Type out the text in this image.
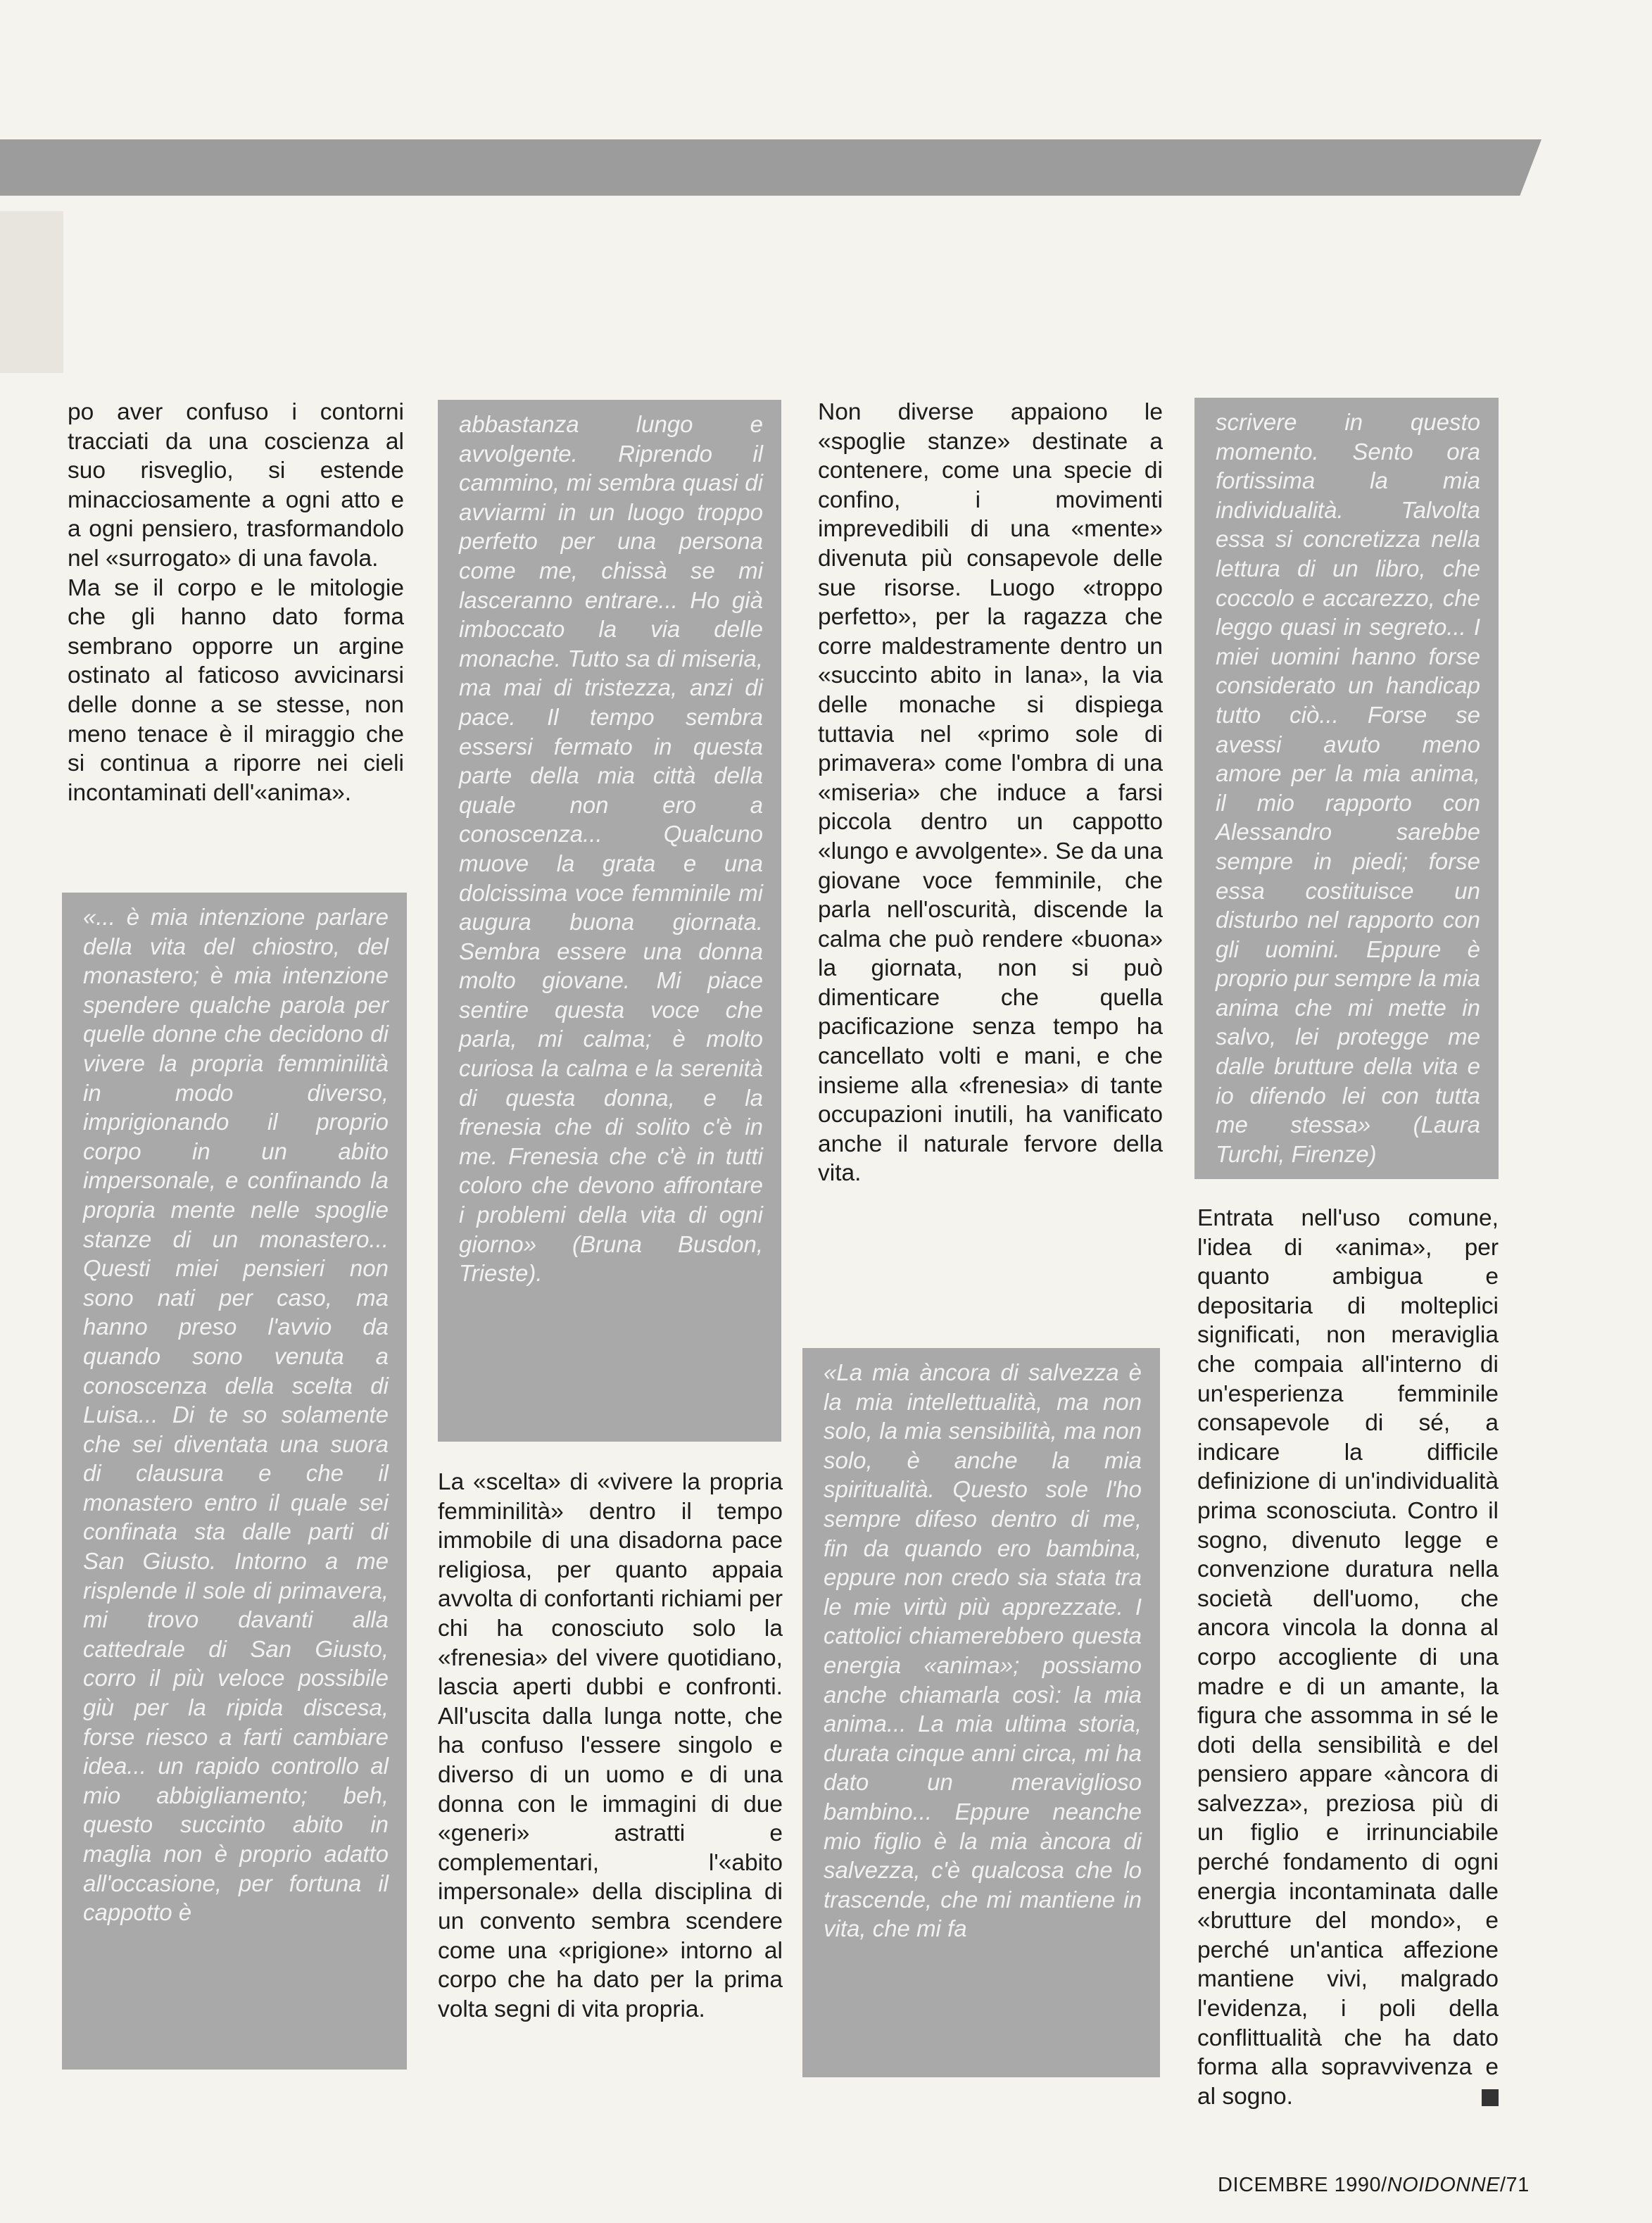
po aver confuso i contorni tracciati da una coscienza al suo risveglio, si estende minacciosamente a ogni atto e a ogni pensiero, trasformandolo nel «surrogato» di una favola.

Ma se il corpo e le mitologie che gli hanno dato forma sembrano opporre un argine ostinato al faticoso avvicinarsi delle donne a se stesse, non meno tenace è il miraggio che si continua a riporre nei cieli incontaminati dell'«anima».

«... è mia intenzione parlare della vita del chiostro, del monastero; è mia intenzione spendere qualche parola per quelle donne che decidono di vivere la propria femminilità in modo diverso, imprigionando il proprio corpo in un abito impersonale, e confinando la propria mente nelle spoglie stanze di un monastero... Questi miei pensieri non sono nati per caso, ma hanno preso l'avvio da quando sono venuta a conoscenza della scelta di Luisa... Di te so solamente che sei diventata una suora di clausura e che il monastero entro il quale sei confinata sta dalle parti di San Giusto. Intorno a me risplende il sole di primavera, mi trovo davanti alla cattedrale di San Giusto, corro il più veloce possibile giù per la ripida discesa, forse riesco a farti cambiare idea... un rapido controllo al mio abbigliamento; beh, questo succinto abito in maglia non è proprio adatto all'occasione, per fortuna il cappotto è
abbastanza lungo e avvolgente. Riprendo il cammino, mi sembra quasi di avviarmi in un luogo troppo perfetto per una persona come me, chissà se mi lasceranno entrare... Ho già imboccato la via delle monache. Tutto sa di miseria, ma mai di tristezza, anzi di pace. Il tempo sembra essersi fermato in questa parte della mia città della quale non ero a conoscenza... Qualcuno muove la grata e una dolcissima voce femminile mi augura buona giornata. Sembra essere una donna molto giovane. Mi piace sentire questa voce che parla, mi calma; è molto curiosa la calma e la serenità di questa donna, e la frenesia che di solito c'è in me. Frenesia che c'è in tutti coloro che devono affrontare i problemi della vita di ogni giorno» (Bruna Busdon, Trieste).

La «scelta» di «vivere la propria femminilità» dentro il tempo immobile di una disadorna pace religiosa, per quanto appaia avvolta di confortanti richiami per chi ha conosciuto solo la «frenesia» del vivere quotidiano, lascia aperti dubbi e confronti. All'uscita dalla lunga notte, che ha confuso l'essere singolo e diverso di un uomo e di una donna con le immagini di due «generi» astratti e complementari, l'«abito impersonale» della disciplina di un convento sembra scendere come una «prigione» intorno al corpo che ha dato per la prima volta segni di vita propria.

Non diverse appaiono le «spoglie stanze» destinate a contenere, come una specie di confino, i movimenti imprevedibili di una «mente» divenuta più consapevole delle sue risorse. Luogo «troppo perfetto», per la ragazza che corre maldestramente dentro un «succinto abito in lana», la via delle monache si dispiega tuttavia nel «primo sole di primavera» come l'ombra di una «miseria» che induce a farsi piccola dentro un cappotto «lungo e avvolgente». Se da una giovane voce femminile, che parla nell'oscurità, discende la calma che può rendere «buona» la giornata, non si può dimenticare che quella pacificazione senza tempo ha cancellato volti e mani, e che insieme alla «frenesia» di tante occupazioni inutili, ha vanificato anche il naturale fervore della vita.

«La mia àncora di salvezza è la mia intellettualità, ma non solo, la mia sensibilità, ma non solo, è anche la mia spiritualità. Questo sole l'ho sempre difeso dentro di me, fin da quando ero bambina, eppure non credo sia stata tra le mie virtù più apprezzate. I cattolici chiamerebbero questa energia «anima»; possiamo anche chiamarla così: la mia anima... La mia ultima storia, durata cinque anni circa, mi ha dato un meraviglioso bambino... Eppure neanche mio figlio è la mia àncora di salvezza, c'è qualcosa che lo trascende, che mi mantiene in vita, che mi fa
scrivere in questo momento. Sento ora fortissima la mia individualità. Talvolta essa si concretizza nella lettura di un libro, che coccolo e accarezzo, che leggo quasi in segreto... I miei uomini hanno forse considerato un handicap tutto ciò... Forse se avessi avuto meno amore per la mia anima, il mio rapporto con Alessandro sarebbe sempre in piedi; forse essa costituisce un disturbo nel rapporto con gli uomini. Eppure è proprio pur sempre la mia anima che mi mette in salvo, lei protegge me dalle brutture della vita e io difendo lei con tutta me stessa» (Laura Turchi, Firenze)

Entrata nell'uso comune, l'idea di «anima», per quanto ambigua e depositaria di molteplici significati, non meraviglia che compaia all'interno di un'esperienza femminile consapevole di sé, a indicare la difficile definizione di un'individualità prima sconosciuta. Contro il sogno, divenuto legge e convenzione duratura nella società dell'uomo, che ancora vincola la donna al corpo accogliente di una madre e di un amante, la figura che assomma in sé le doti della sensibilità e del pensiero appare «àncora di salvezza», preziosa più di un figlio e irrinunciabile perché fondamento di ogni energia incontaminata dalle «brutture del mondo», e perché un'antica affezione mantiene vivi, malgrado l'evidenza, i poli della conflittualità che ha dato forma alla sopravvivenza e al sogno.

DICEMBRE 1990/NOIDONNE/71
